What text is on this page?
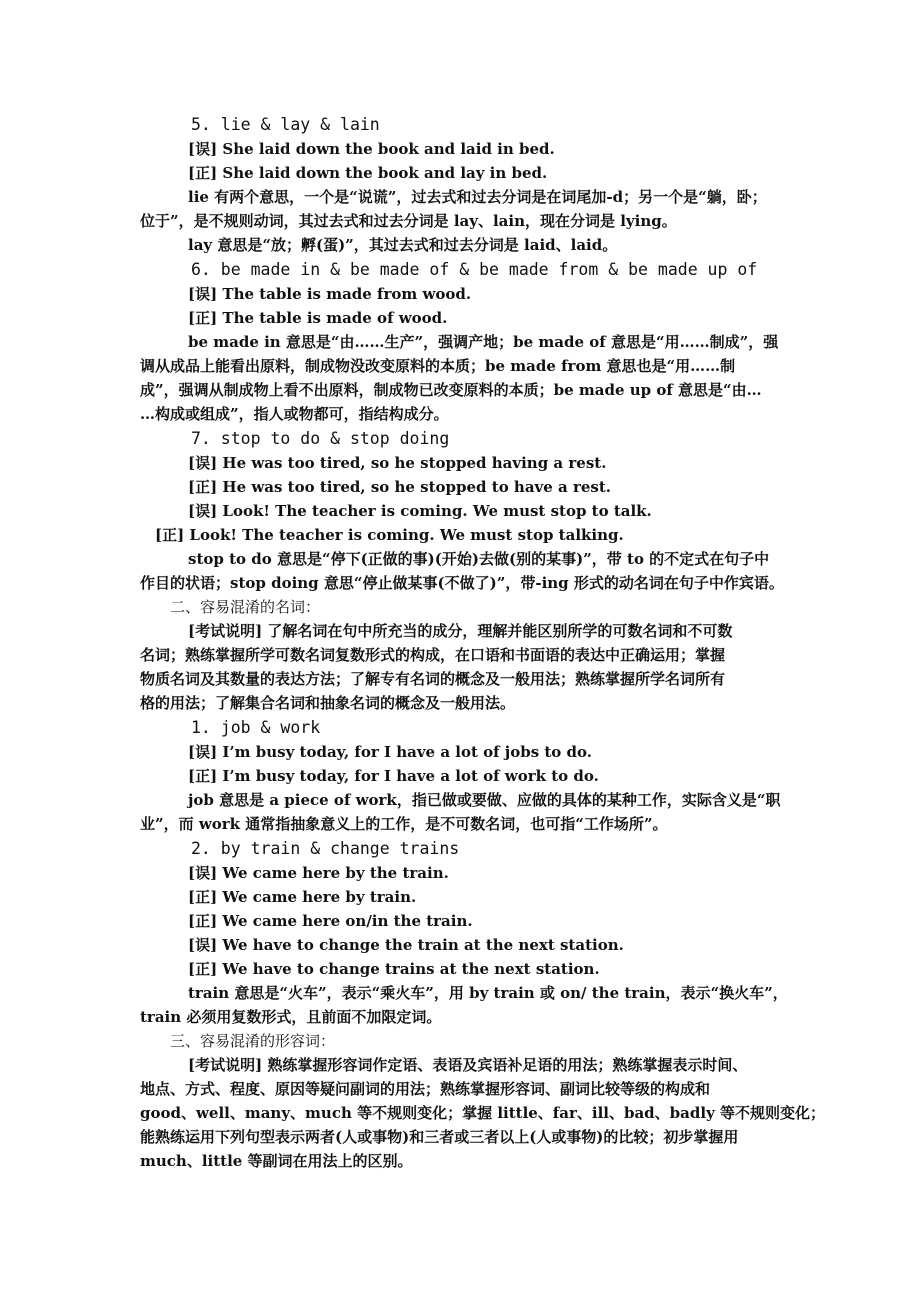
5. lie & lay & lain
[误] She laid down the book and laid in bed.
[正] She laid down the book and lay in bed.
lie 有两个意思，一个是“说谎”，过去式和过去分词是在词尾加-d；另一个是“躺，卧；
位于”，是不规则动词，其过去式和过去分词是 lay、lain，现在分词是 lying。
lay 意思是“放；孵(蛋)”，其过去式和过去分词是 laid、laid。
6. be made in & be made of & be made from & be made up of
[误] The table is made from wood.
[正] The table is made of wood.
be made in 意思是“由……生产”，强调产地；be made of 意思是“用……制成”，强
调从成品上能看出原料，制成物没改变原料的本质；be made from 意思也是“用……制
成”，强调从制成物上看不出原料，制成物已改变原料的本质；be made up of 意思是“由…
…构成或组成”，指人或物都可，指结构成分。
7. stop to do & stop doing
[误] He was too tired, so he stopped having a rest.
[正] He was too tired, so he stopped to have a rest.
[误] Look! The teacher is coming. We must stop to talk.
[正] Look! The teacher is coming. We must stop talking.
stop to do 意思是“停下(正做的事)(开始)去做(别的某事)”，带 to 的不定式在句子中
作目的状语；stop doing 意思“停止做某事(不做了)”，带-ing 形式的动名词在句子中作宾语。
二、容易混淆的名词：
[考试说明] 了解名词在句中所充当的成分，理解并能区别所学的可数名词和不可数
名词；熟练掌握所学可数名词复数形式的构成，在口语和书面语的表达中正确运用；掌握
物质名词及其数量的表达方法；了解专有名词的概念及一般用法；熟练掌握所学名词所有
格的用法；了解集合名词和抽象名词的概念及一般用法。
1. job & work
[误] I’m busy today, for I have a lot of jobs to do.
[正] I’m busy today, for I have a lot of work to do.
job 意思是 a piece of work，指已做或要做、应做的具体的某种工作，实际含义是“职
业”，而 work 通常指抽象意义上的工作，是不可数名词，也可指“工作场所”。
2. by train & change trains
[误] We came here by the train.
[正] We came here by train.
[正] We came here on/in the train.
[误] We have to change the train at the next station.
[正] We have to change trains at the next station.
train 意思是“火车”，表示“乘火车”，用 by train 或 on/ the train，表示“换火车”，
train 必须用复数形式，且前面不加限定词。
三、容易混淆的形容词：
[考试说明] 熟练掌握形容词作定语、表语及宾语补足语的用法；熟练掌握表示时间、
地点、方式、程度、原因等疑问副词的用法；熟练掌握形容词、副词比较等级的构成和
good、well、many、much 等不规则变化；掌握 little、far、ill、bad、badly 等不规则变化；
能熟练运用下列句型表示两者(人或事物)和三者或三者以上(人或事物)的比较；初步掌握用
much、little 等副词在用法上的区别。
